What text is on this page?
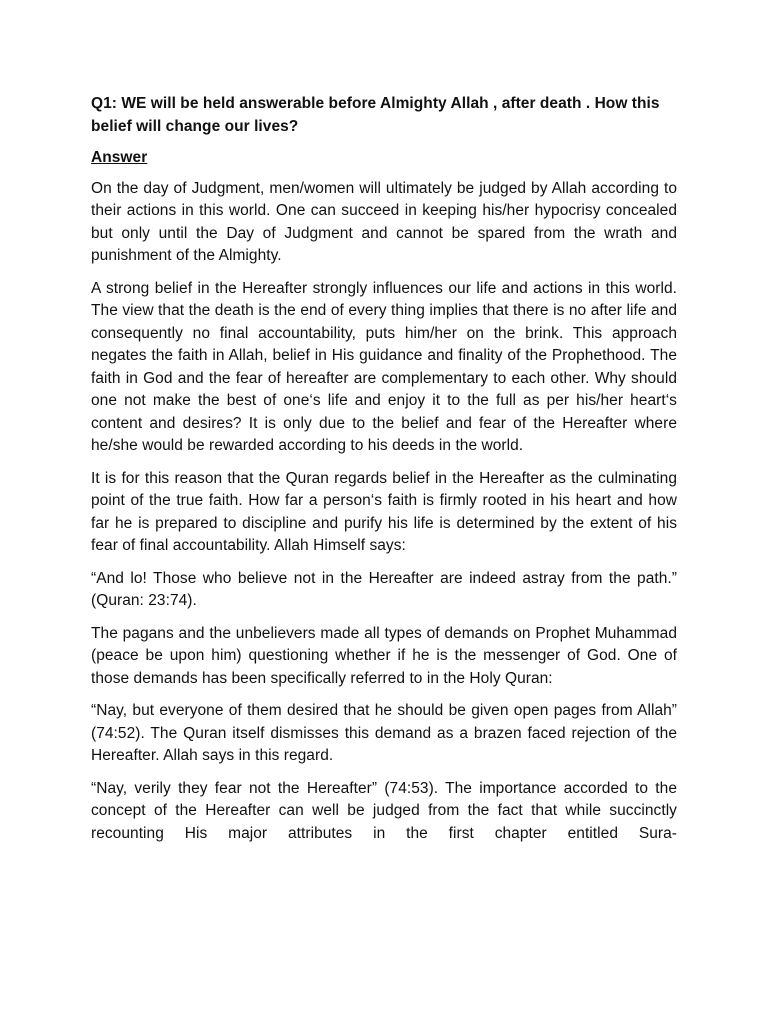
Q1: WE will be held answerable before Almighty Allah , after death . How this belief will change our lives?

Answer

On the day of Judgment, men/women will ultimately be judged by Allah according to their actions in this world. One can succeed in keeping his/her hypocrisy concealed but only until the Day of Judgment and cannot be spared from the wrath and punishment of the Almighty.

A strong belief in the Hereafter strongly influences our life and actions in this world. The view that the death is the end of every thing implies that there is no after life and consequently no final accountability, puts him/her on the brink. This approach negates the faith in Allah, belief in His guidance and finality of the Prophethood. The faith in God and the fear of hereafter are complementary to each other. Why should one not make the best of one‘s life and enjoy it to the full as per his/her heart‘s content and desires? It is only due to the belief and fear of the Hereafter where he/she would be rewarded according to his deeds in the world.

It is for this reason that the Quran regards belief in the Hereafter as the culminating point of the true faith. How far a person‘s faith is firmly rooted in his heart and how far he is prepared to discipline and purify his life is determined by the extent of his fear of final accountability. Allah Himself says:

“And lo! Those who believe not in the Hereafter are indeed astray from the path.” (Quran: 23:74).

The pagans and the unbelievers made all types of demands on Prophet Muhammad (peace be upon him) questioning whether if he is the messenger of God. One of those demands has been specifically referred to in the Holy Quran:

“Nay, but everyone of them desired that he should be given open pages from Allah” (74:52). The Quran itself dismisses this demand as a brazen faced rejection of the Hereafter. Allah says in this regard.

“Nay, verily they fear not the Hereafter” (74:53). The importance accorded to the concept of the Hereafter can well be judged from the fact that while succinctly recounting His major attributes in the first chapter entitled Sura-
